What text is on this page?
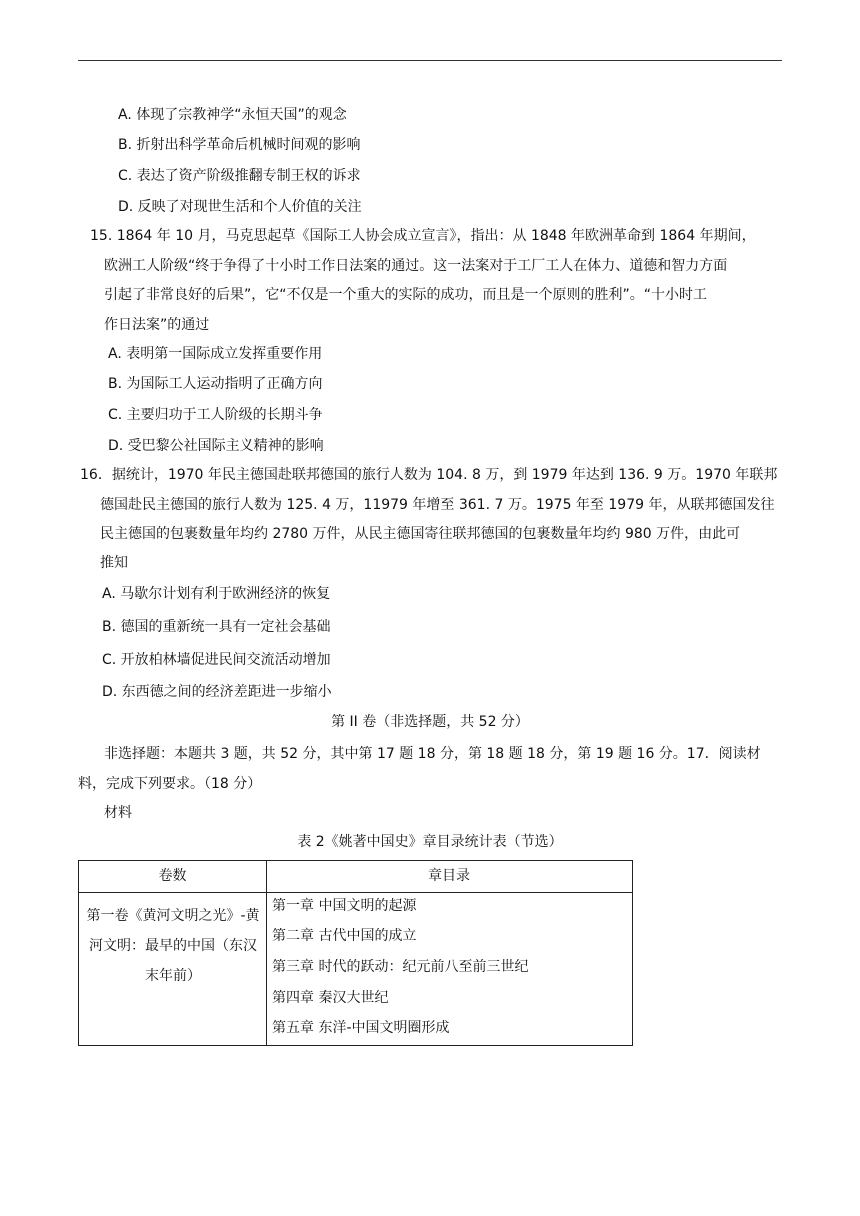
A. 体现了宗教神学“永恒天国”的观念
B. 折射出科学革命后机械时间观的影响
C. 表达了资产阶级推翻专制王权的诉求
D. 反映了对现世生活和个人价值的关注
15. 1864 年 10 月，马克思起草《国际工人协会成立宣言》，指出：从 1848 年欧洲革命到 1864 年期间，
欧洲工人阶级“终于争得了十小时工作日法案的通过。这一法案对于工厂工人在体力、道德和智力方面
引起了非常良好的后果”，它“不仅是一个重大的实际的成功，而且是一个原则的胜利”。“十小时工
作日法案”的通过
A. 表明第一国际成立发挥重要作用
B. 为国际工人运动指明了正确方向
C. 主要归功于工人阶级的长期斗争
D. 受巴黎公社国际主义精神的影响
16．据统计，1970 年民主德国赴联邦德国的旅行人数为 104. 8 万，到 1979 年达到 136. 9 万。1970 年联邦
德国赴民主德国的旅行人数为 125. 4 万，11979 年增至 361. 7 万。1975 年至 1979 年，从联邦德国发往
民主德国的包裹数量年均约 2780 万件，从民主德国寄往联邦德国的包裹数量年均约 980 万件，由此可
推知
A. 马歇尔计划有利于欧洲经济的恢复
B. 德国的重新统一具有一定社会基础
C. 开放柏林墙促进民间交流活动增加
D. 东西德之间的经济差距进一步缩小
第 II 卷（非选择题，共 52 分）
非选择题：本题共 3 题，共 52 分，其中第 17 题 18 分，第 18 题 18 分，第 19 题 16 分。17．阅读材
料，完成下列要求。（18 分）
材料
表 2《姚著中国史》章目录统计表（节选）
卷数	章目录
第一卷《黄河文明之光》-黄河文明：最早的中国（东汉末年前）
第一章 中国文明的起源
第二章 古代中国的成立
第三章 时代的跃动：纪元前八至前三世纪
第四章 秦汉大世纪
第五章 东洋-中国文明圈形成
